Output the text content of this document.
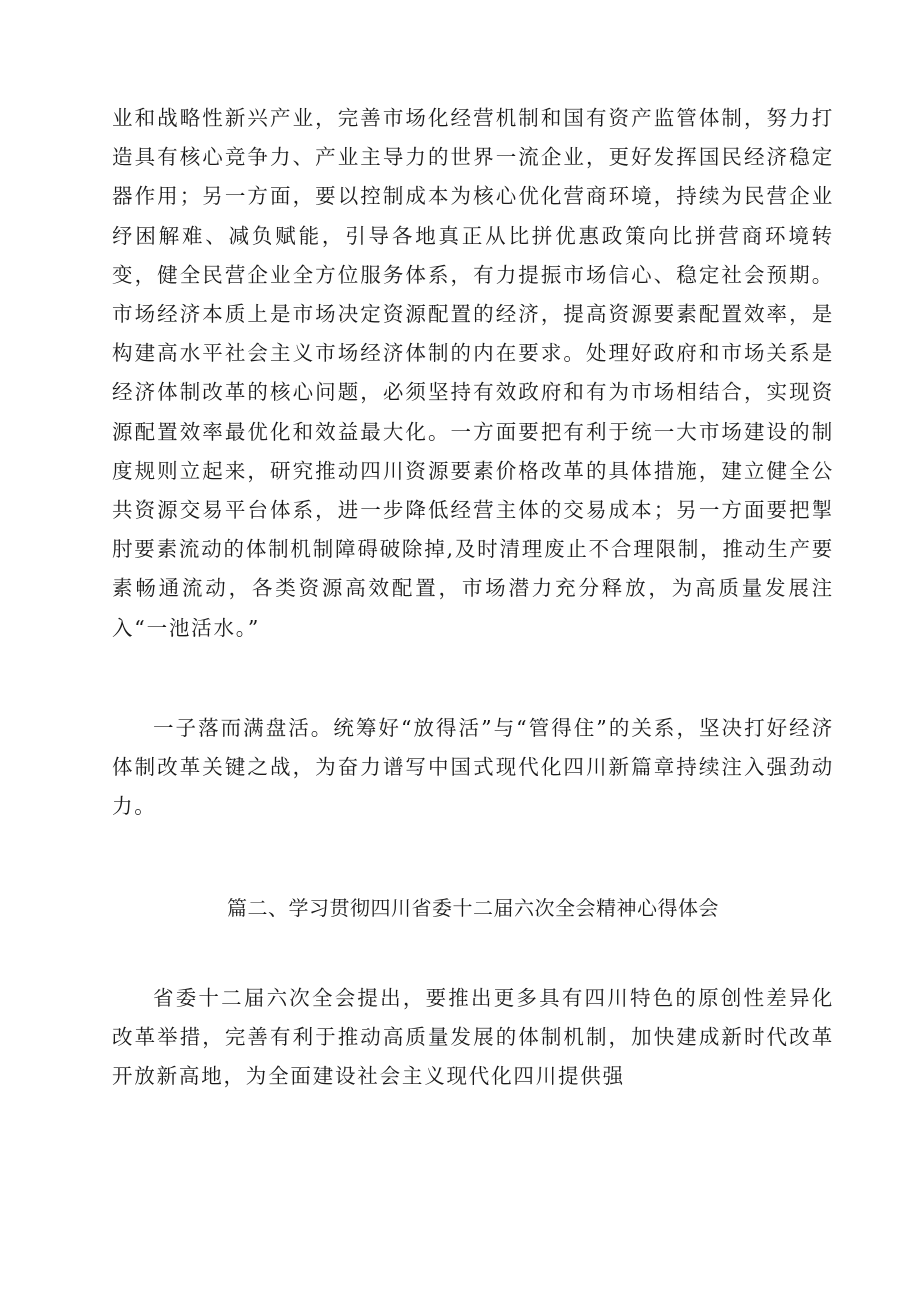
业和战略性新兴产业，完善市场化经营机制和国有资产监管体制，努力打造具有核心竞争力、产业主导力的世界一流企业，更好发挥国民经济稳定器作用；另一方面，要以控制成本为核心优化营商环境，持续为民营企业纾困解难、减负赋能，引导各地真正从比拼优惠政策向比拼营商环境转变，健全民营企业全方位服务体系，有力提振市场信心、稳定社会预期。市场经济本质上是市场决定资源配置的经济，提高资源要素配置效率，是构建高水平社会主义市场经济体制的内在要求。处理好政府和市场关系是经济体制改革的核心问题，必须坚持有效政府和有为市场相结合，实现资源配置效率最优化和效益最大化。一方面要把有利于统一大市场建设的制度规则立起来，研究推动四川资源要素价格改革的具体措施，建立健全公共资源交易平台体系，进一步降低经营主体的交易成本；另一方面要把掣肘要素流动的体制机制障碍破除掉,及时清理废止不合理限制，推动生产要素畅通流动，各类资源高效配置，市场潜力充分释放，为高质量发展注入“一池活水。”

一子落而满盘活。统筹好“放得活”与“管得住”的关系，坚决打好经济体制改革关键之战，为奋力谱写中国式现代化四川新篇章持续注入强劲动力。

篇二、学习贯彻四川省委十二届六次全会精神心得体会

省委十二届六次全会提出，要推出更多具有四川特色的原创性差异化改革举措，完善有利于推动高质量发展的体制机制，加快建成新时代改革开放新高地，为全面建设社会主义现代化四川提供强
